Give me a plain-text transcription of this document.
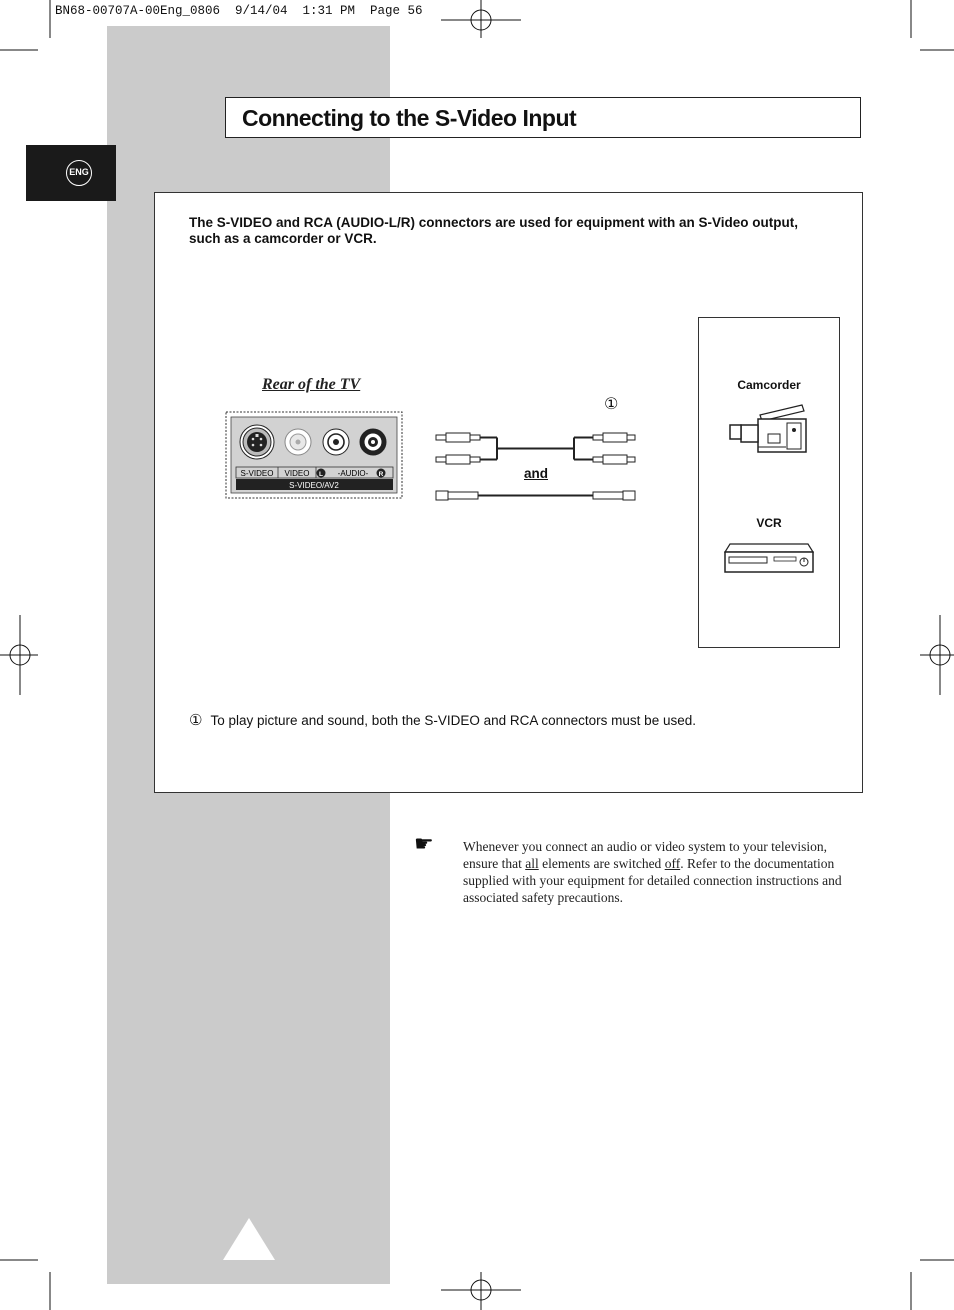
BN68-00707A-00Eng_0806  9/14/04  1:31 PM  Page 56
Connecting to the S-Video Input
ENG
The S-VIDEO and RCA (AUDIO-L/R) connectors are used for equipment with an S-Video output, such as a camcorder or VCR.
Rear of the TV
S-VIDEO VIDEO L -AUDIO- R
S-VIDEO/AV2
①
and
Camcorder
VCR
① To play picture and sound, both the S-VIDEO and RCA connectors must be used.
☛ Whenever you connect an audio or video system to your television, ensure that all elements are switched off. Refer to the documentation supplied with your equipment for detailed connection instructions and associated safety precautions.
